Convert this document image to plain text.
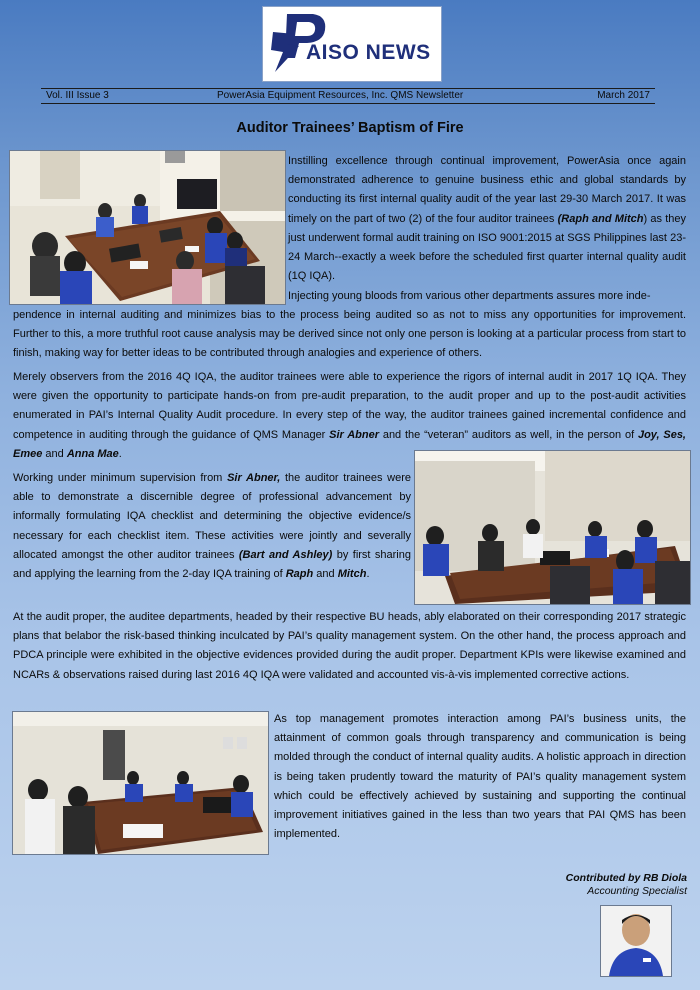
AISO NEWS
Vol. III Issue 3	PowerAsia Equipment Resources, Inc. QMS Newsletter	March 2017
Auditor Trainees’ Baptism of Fire

Instilling excellence through continual improvement, PowerAsia once again demonstrated adherence to genuine business ethic and global standards by conducting its first internal quality audit of the year last 29-30 March 2017. It was timely on the part of two (2) of the four auditor trainees (Raph and Mitch) as they just underwent formal audit training on ISO 9001:2015 at SGS Philippines last 23-24 March--exactly a week before the scheduled first quarter internal quality audit (1Q IQA).

Injecting young bloods from various other departments assures more inde-

pendence in internal auditing and minimizes bias to the process being audited so as not to miss any opportunities for improvement. Further to this, a more truthful root cause analysis may be derived since not only one person is looking at a particular process from start to finish, making way for better ideas to be contributed through analogies and experience of others.

Merely observers from the 2016 4Q IQA, the auditor trainees were able to experience the rigors of internal audit in 2017 1Q IQA. They were given the opportunity to participate hands-on from pre-audit preparation, to the audit proper and up to the post-audit activities enumerated in PAI’s Internal Quality Audit procedure. In every step of the way, the auditor trainees gained incremental confidence and competence in auditing through the guidance of QMS Manager Sir Abner and the “veteran” auditors as well, in the person of Joy, Ses, Emee and Anna Mae.

Working under minimum supervision from Sir Abner, the auditor trainees were able to demonstrate a discernible degree of professional advancement by informally formulating IQA checklist and determining the objective evidence/s necessary for each checklist item. These activities were jointly and severally allocated amongst the other auditor trainees (Bart and Ashley) by first sharing and applying the learning from the 2-day IQA training of Raph and Mitch.

At the audit proper, the auditee departments, headed by their respective BU heads, ably elaborated on their corresponding 2017 strategic plans that belabor the risk-based thinking inculcated by PAI’s quality management system. On the other hand, the process approach and PDCA principle were exhibited in the objective evidences provided during the audit proper. Department KPIs were likewise examined and NCARs & observations raised during last 2016 4Q IQA were validated and accounted vis-à-vis implemented corrective actions.

As top management promotes interaction among PAI’s business units, the attainment of common goals through transparency and communication is being molded through the conduct of internal quality audits. A holistic approach in direction is being taken prudently toward the maturity of PAI’s quality management system which could be effectively achieved by sustaining and supporting the continual improvement initiatives gained in the less than two years that PAI QMS has been implemented.

Contributed by RB Diola
Accounting Specialist
